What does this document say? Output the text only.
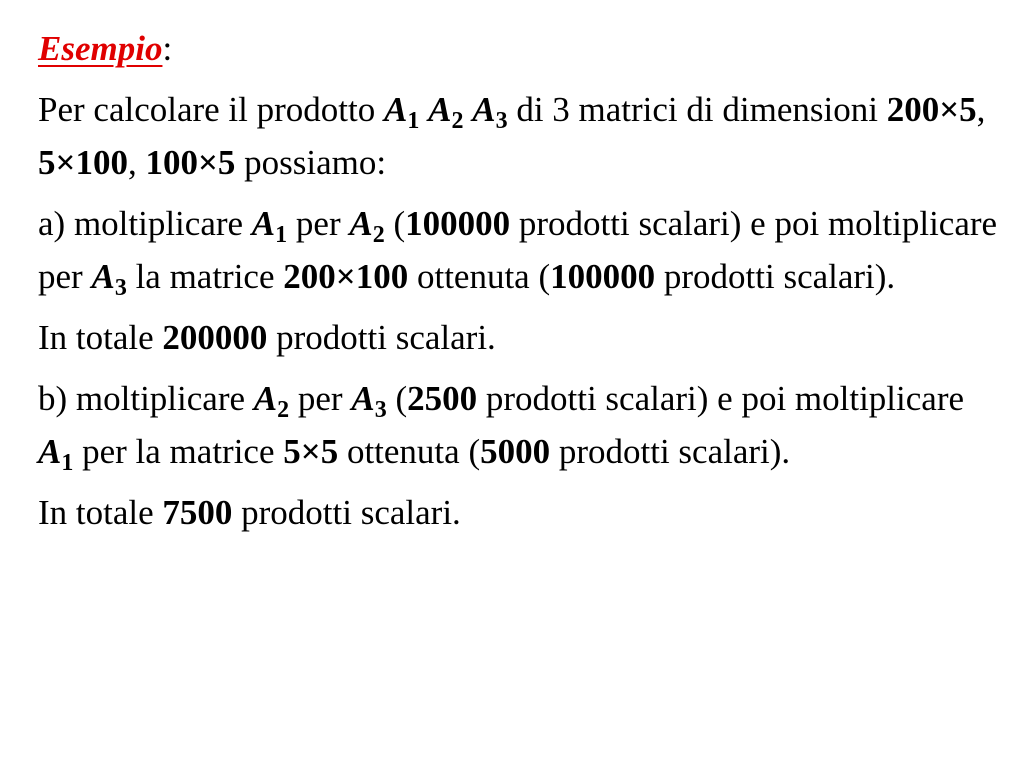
Esempio:

Per calcolare il prodotto $A_1$ $A_2$ $A_3$ di 3 matrici di dimensioni 200×5, 5×100, 100×5 possiamo:

a) moltiplicare $A_1$ per $A_2$ (100000 prodotti scalari) e poi moltiplicare per $A_3$ la matrice 200×100 ottenuta (100000 prodotti scalari).

In totale 200000 prodotti scalari.

b) moltiplicare $A_2$ per $A_3$ (2500 prodotti scalari) e poi moltiplicare $A_1$ per la matrice 5×5 ottenuta (5000 prodotti scalari).

In totale 7500 prodotti scalari.
